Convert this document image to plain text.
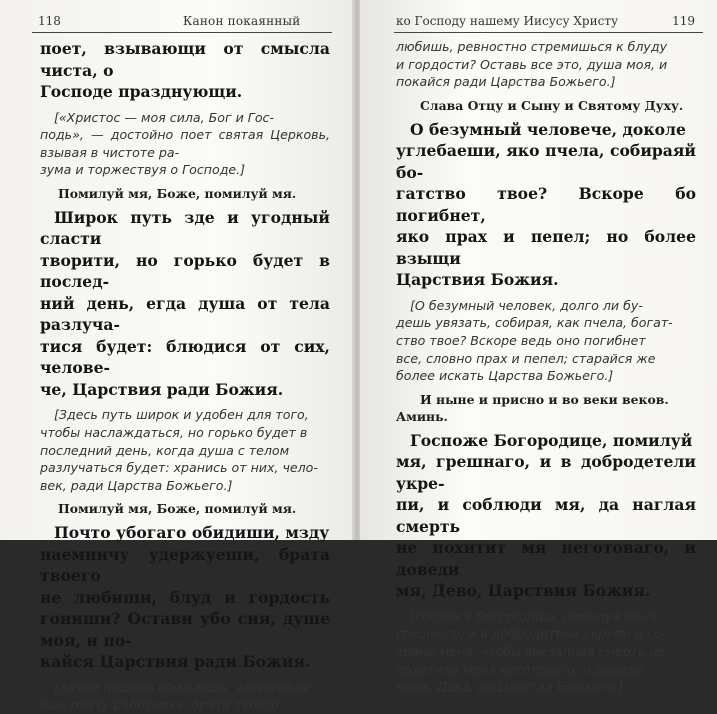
118	Канон покаянный

поет, взывающи от смысла чиста, о
Господе празднующи.

[«Христос — моя сила, Бог и Гос-
подь», — достойно поет святая Церковь, взывая в чистоте ра-
зума и торжествуя о Господе.]

Помилуй мя, Боже, помилуй мя.

Широк путь зде и угодный сласти
творити, но горько будет в послед-
ний день, егда душа от тела разлуча-
тися будет: блюдися от сих, челове-
че, Царствия ради Божия.

[Здесь путь широк и удобен для того,
чтобы наслаждаться, но горько будет в
последний день, когда душа с телом
разлучаться будет: хранись от них, чело-
век, ради Царства Божьего.]

Помилуй мя, Боже, помилуй мя.

Почто убогаго обидиши, мзду
наемничу удержуеши, брата твоего
не любиши, блуд и гордость гониши? Остави убо сия, душе моя, и по-
кайся Царствия ради Божия.

[Зачем нищего обижаешь, удерживая
ешь плату работника, брата твоего

ко Господу нашему Иисусу Христу	119

любишь, ревностно стремишься к блуду
и гордости? Оставь все это, душа моя, и
покайся ради Царства Божьего.]

Слава Отцу и Сыну и Святому Духу.

О безумный человече, доколе
углебаеши, яко пчела, собираяй бо-
гатство твое? Вскоре бо погибнет,
яко прах и пепел; но более взыщи
Царствия Божия.

[О безумный человек, долго ли бу-
дешь увязать, собирая, как пчела, богат-
ство твое? Вскоре ведь оно погибнет
все, словно прах и пепел; старайся же
более искать Царства Божьего.]

И ныне и присно и во веки веков.
Аминь.

Госпоже Богородице, помилуй
мя, грешнаго, и в добродетели укре-
пи, и соблюди мя, да наглая смерть
не похитит мя неготоваго, и доведи
мя, Дево, Царствия Божия.

[Госпожа Богородица, помилуй меня,
грешного, и в добродетели укрепи и со-
храни меня, чтобы внезапная смерть не
похитила меня неготового, и доведи
меня, Дева, до Царства Божьего.]
